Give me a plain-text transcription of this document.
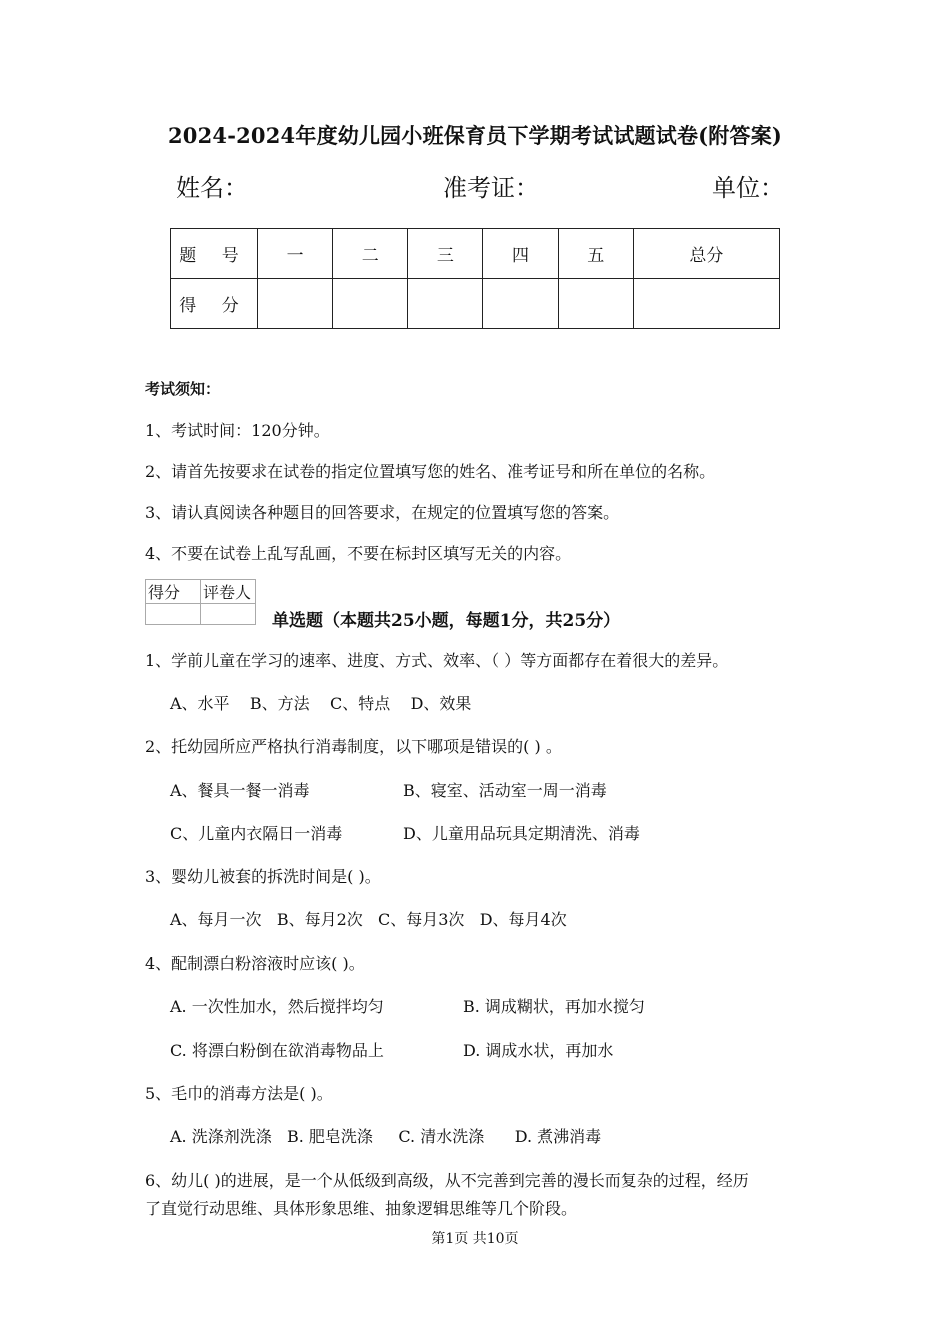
2024-2024年度幼儿园小班保育员下学期考试试题试卷(附答案)
姓名：	准考证：	单位：
题 号	一	二	三	四	五	总分
得 分						
考试须知：
1、考试时间：120分钟。
2、请首先按要求在试卷的指定位置填写您的姓名、准考证号和所在单位的名称。
3、请认真阅读各种题目的回答要求，在规定的位置填写您的答案。
4、不要在试卷上乱写乱画，不要在标封区填写无关的内容。
得分	评卷人

单选题（本题共25小题，每题1分，共25分）
1、学前儿童在学习的速率、进度、方式、效率、（ ）等方面都存在着很大的差异。
A、水平    B、方法    C、特点    D、效果
2、托幼园所应严格执行消毒制度，以下哪项是错误的( ) 。
A、餐具一餐一消毒	B、寝室、活动室一周一消毒
C、儿童内衣隔日一消毒	D、儿童用品玩具定期清洗、消毒
3、婴幼儿被套的拆洗时间是( )。
A、每月一次   B、每月2次   C、每月3次   D、每月4次
4、配制漂白粉溶液时应该( )。
A. 一次性加水，然后搅拌均匀	B. 调成糊状，再加水搅匀
C. 将漂白粉倒在欲消毒物品上	D. 调成水状，再加水
5、毛巾的消毒方法是( )。
A. 洗涤剂洗涤   B. 肥皂洗涤     C. 清水洗涤      D. 煮沸消毒
6、幼儿( )的进展，是一个从低级到高级，从不完善到完善的漫长而复杂的过程，经历
了直觉行动思维、具体形象思维、抽象逻辑思维等几个阶段。
第1页 共10页
